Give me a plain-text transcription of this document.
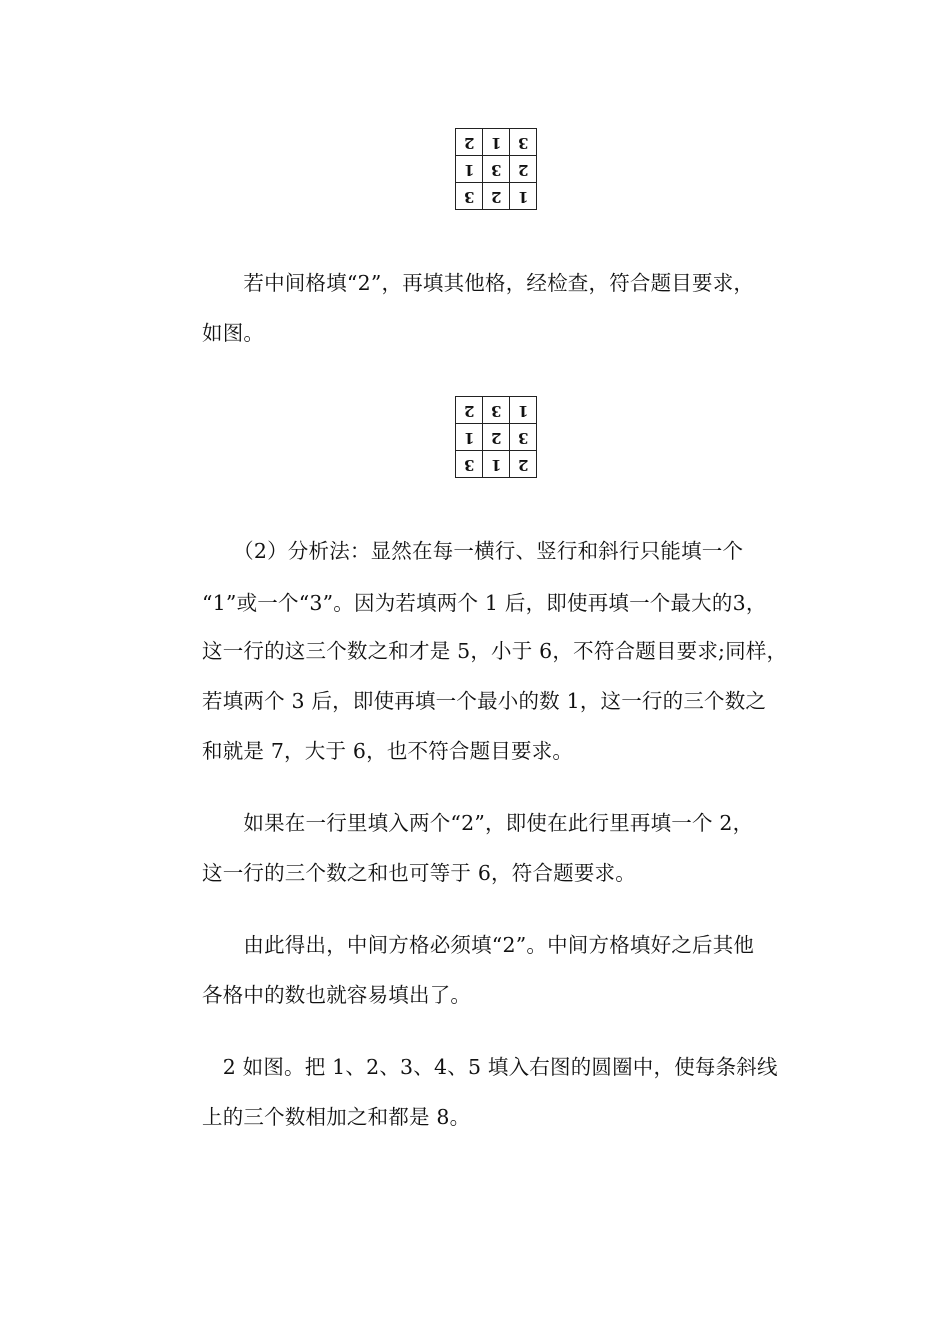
2	1	3
1	3	2
3	2	1
　　若中间格填“2”，再填其他格，经检查，符合题目要求，
如图。
2	3	1
1	2	3
3	1	2
　　（2）分析法：显然在每一横行、竖行和斜行只能填一个
“1”或一个“3”。因为若填两个 1 后，即使再填一个最大的3，
这一行的这三个数之和才是 5，小于 6，不符合题目要求;同样，
若填两个 3 后，即使再填一个最小的数 1，这一行的三个数之
和就是 7，大于 6，也不符合题目要求。
　　如果在一行里填入两个“2”，即使在此行里再填一个 2，
这一行的三个数之和也可等于 6，符合题要求。
　　由此得出，中间方格必须填“2”。中间方格填好之后其他
各格中的数也就容易填出了。
　2 如图。把 1、2、3、4、5 填入右图的圆圈中，使每条斜线
上的三个数相加之和都是 8。
